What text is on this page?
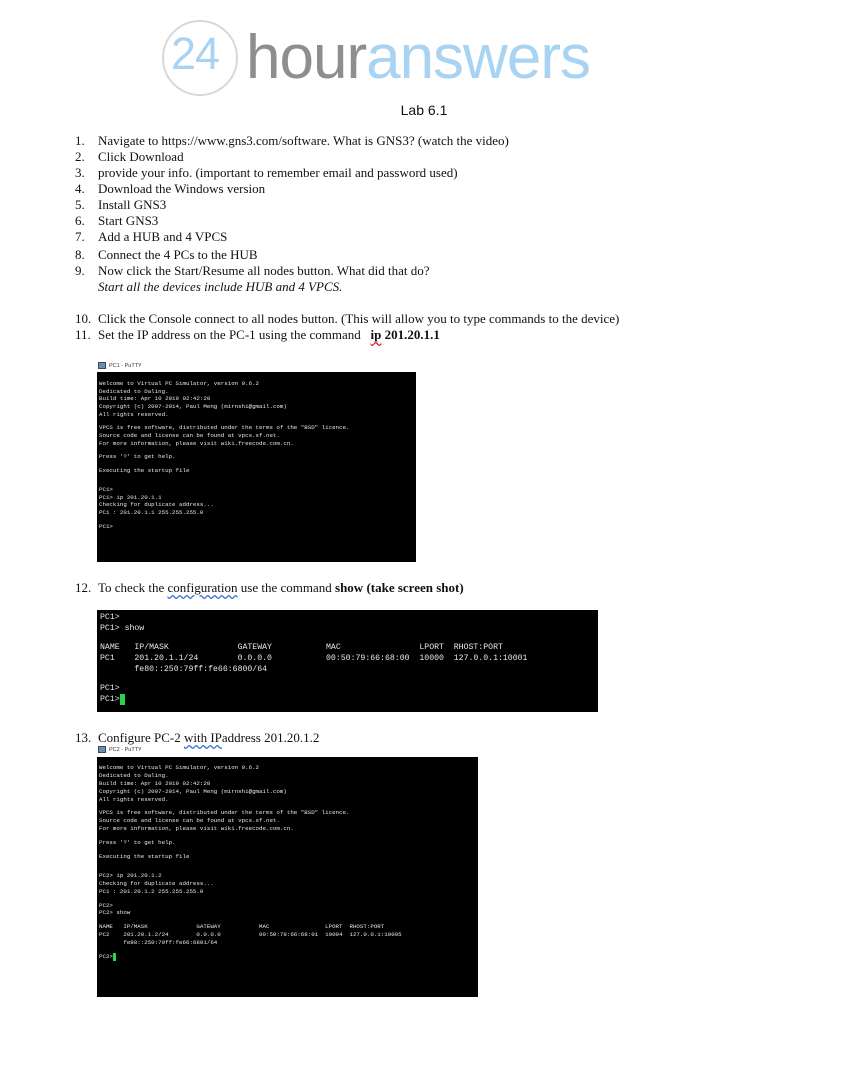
24 houranswers
Lab 6.1
1. Navigate to https://www.gns3.com/software. What is GNS3? (watch the video)
2. Click Download
3. provide your info. (important to remember email and password used)
4. Download the Windows version
5. Install GNS3
6. Start GNS3
7. Add a HUB and 4 VPCS
8. Connect the 4 PCs to the HUB
9. Now click the Start/Resume all nodes button. What did that do?
10. Click the Console connect to all nodes button. (This will allow you to type commands to the device)
Start all the devices include HUB and 4 VPCS.
11. Set the IP address on the PC-1 using the command ip 201.20.1.1
PC1 - PuTTY
Welcome to Virtual PC Simulator, version 0.6.2
Dedicated to Daling.
Build time: Apr 10 2019 02:42:20
Copyright (c) 2007-2014, Paul Meng (mirnshi@gmail.com)
All rights reserved.
VPCS is free software, distributed under the terms of the "BSD" licence.
Source code and license can be found at vpcs.sf.net.
For more information, please visit wiki.freecode.com.cn.
Press '?' to get help.
Executing the startup file
PC1>
PC1> ip 201.20.1.1
Checking for duplicate address...
PC1 : 201.20.1.1 255.255.255.0
PC1>
12. To check the configuration use the command show (take screen shot)
PC1>
PC1> show
NAME   IP/MASK              GATEWAY           MAC                LPORT  RHOST:PORT
PC1    201.20.1.1/24        0.0.0.0           00:50:79:66:68:00  10000  127.0.0.1:10001
fe80::250:79ff:fe66:6800/64
PC1>
PC1>
13. Configure PC-2 with IPaddress 201.20.1.2
PC2 - PuTTY
Welcome to Virtual PC Simulator, version 0.6.2
Dedicated to Daling.
Build time: Apr 10 2019 02:42:20
Copyright (c) 2007-2014, Paul Meng (mirnshi@gmail.com)
All rights reserved.
VPCS is free software, distributed under the terms of the "BSD" licence.
Source code and license can be found at vpcs.sf.net.
For more information, please visit wiki.freecode.com.cn.
Press '?' to get help.
Executing the startup file
PC2> ip 201.20.1.2
Checking for duplicate address...
PC1 : 201.20.1.2 255.255.255.0
PC2>
PC2> show
NAME   IP/MASK              GATEWAY           MAC                LPORT  RHOST:PORT
PC2    201.20.1.2/24        0.0.0.0           00:50:79:66:68:01  10004  127.0.0.1:10005
fe80::250:79ff:fe66:6801/64
PC2>
